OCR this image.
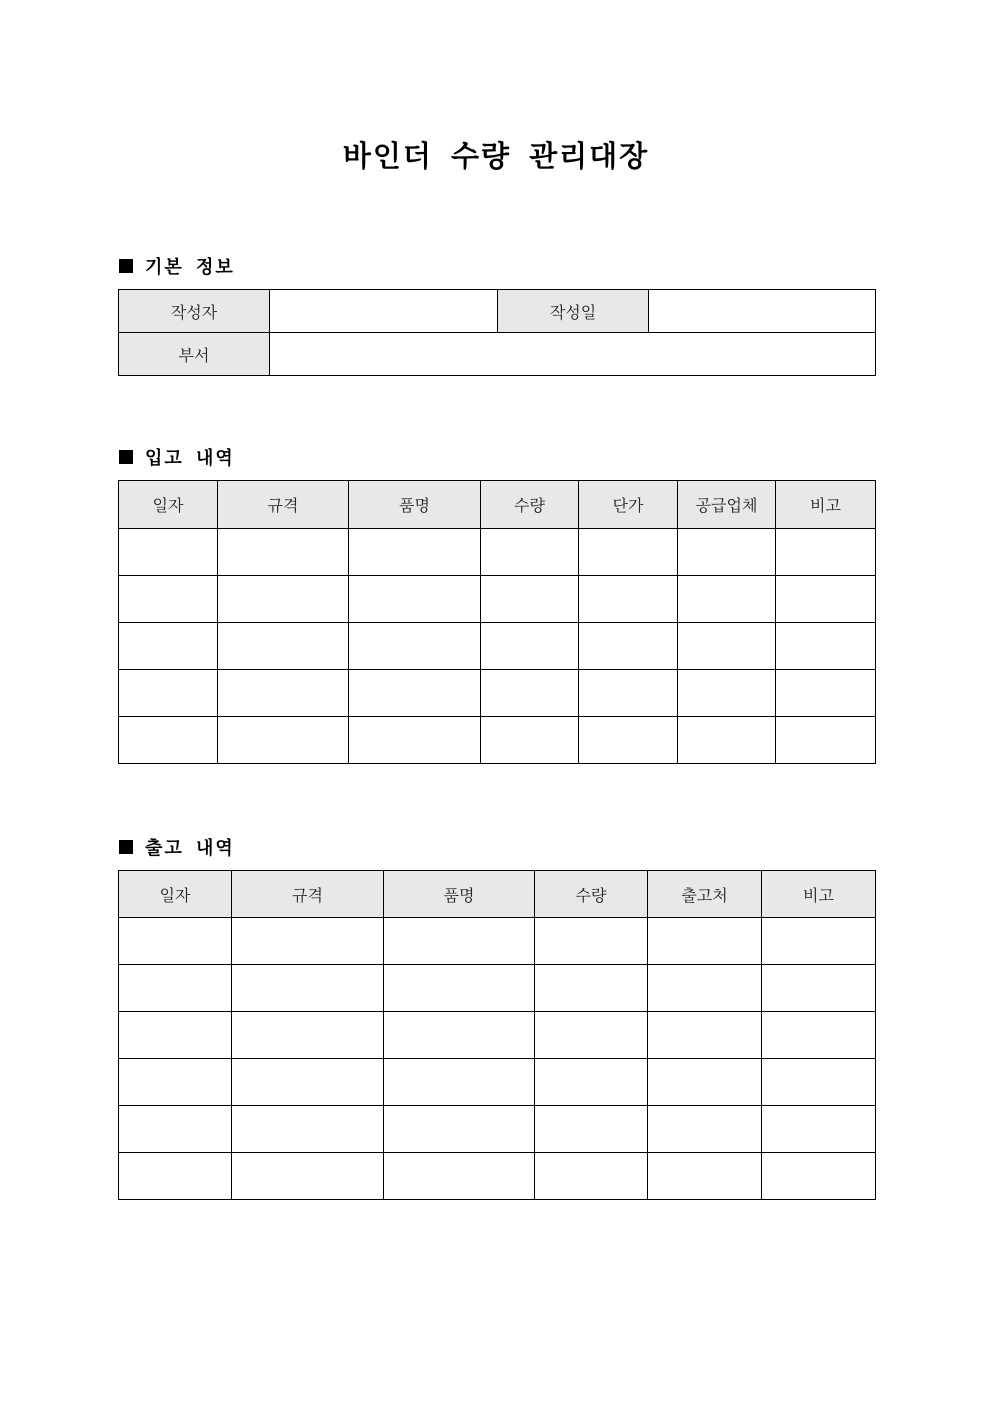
바인더 수량 관리대장
기본 정보
작성자		작성일	
부서			
입고 내역
일자	규격	품명	수량	단가	공급업체	비고

출고 내역
일자	규격	품명	수량	출고처	비고
